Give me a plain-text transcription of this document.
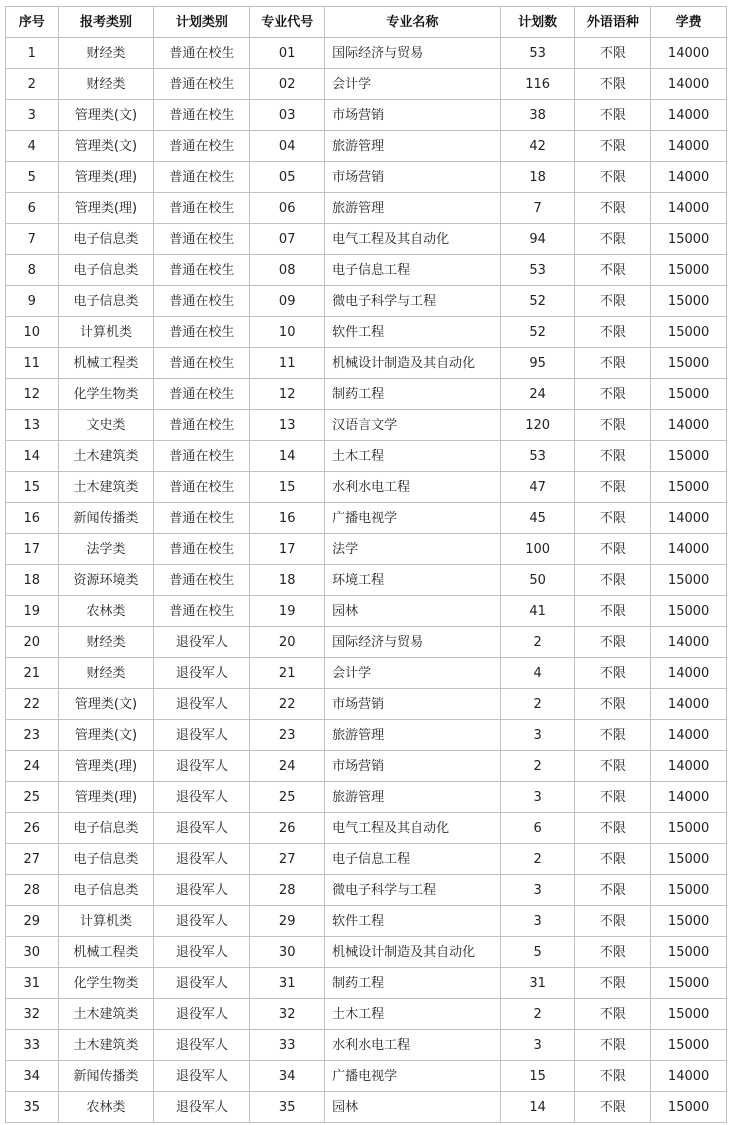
序号	报考类别	计划类别	专业代号	专业名称	计划数	外语语种	学费
1	财经类	普通在校生	01	国际经济与贸易	53	不限	14000
2	财经类	普通在校生	02	会计学	116	不限	14000
3	管理类(文)	普通在校生	03	市场营销	38	不限	14000
4	管理类(文)	普通在校生	04	旅游管理	42	不限	14000
5	管理类(理)	普通在校生	05	市场营销	18	不限	14000
6	管理类(理)	普通在校生	06	旅游管理	7	不限	14000
7	电子信息类	普通在校生	07	电气工程及其自动化	94	不限	15000
8	电子信息类	普通在校生	08	电子信息工程	53	不限	15000
9	电子信息类	普通在校生	09	微电子科学与工程	52	不限	15000
10	计算机类	普通在校生	10	软件工程	52	不限	15000
11	机械工程类	普通在校生	11	机械设计制造及其自动化	95	不限	15000
12	化学生物类	普通在校生	12	制药工程	24	不限	15000
13	文史类	普通在校生	13	汉语言文学	120	不限	14000
14	土木建筑类	普通在校生	14	土木工程	53	不限	15000
15	土木建筑类	普通在校生	15	水利水电工程	47	不限	15000
16	新闻传播类	普通在校生	16	广播电视学	45	不限	14000
17	法学类	普通在校生	17	法学	100	不限	14000
18	资源环境类	普通在校生	18	环境工程	50	不限	15000
19	农林类	普通在校生	19	园林	41	不限	15000
20	财经类	退役军人	20	国际经济与贸易	2	不限	14000
21	财经类	退役军人	21	会计学	4	不限	14000
22	管理类(文)	退役军人	22	市场营销	2	不限	14000
23	管理类(文)	退役军人	23	旅游管理	3	不限	14000
24	管理类(理)	退役军人	24	市场营销	2	不限	14000
25	管理类(理)	退役军人	25	旅游管理	3	不限	14000
26	电子信息类	退役军人	26	电气工程及其自动化	6	不限	15000
27	电子信息类	退役军人	27	电子信息工程	2	不限	15000
28	电子信息类	退役军人	28	微电子科学与工程	3	不限	15000
29	计算机类	退役军人	29	软件工程	3	不限	15000
30	机械工程类	退役军人	30	机械设计制造及其自动化	5	不限	15000
31	化学生物类	退役军人	31	制药工程	31	不限	15000
32	土木建筑类	退役军人	32	土木工程	2	不限	15000
33	土木建筑类	退役军人	33	水利水电工程	3	不限	15000
34	新闻传播类	退役军人	34	广播电视学	15	不限	14000
35	农林类	退役军人	35	园林	14	不限	15000
